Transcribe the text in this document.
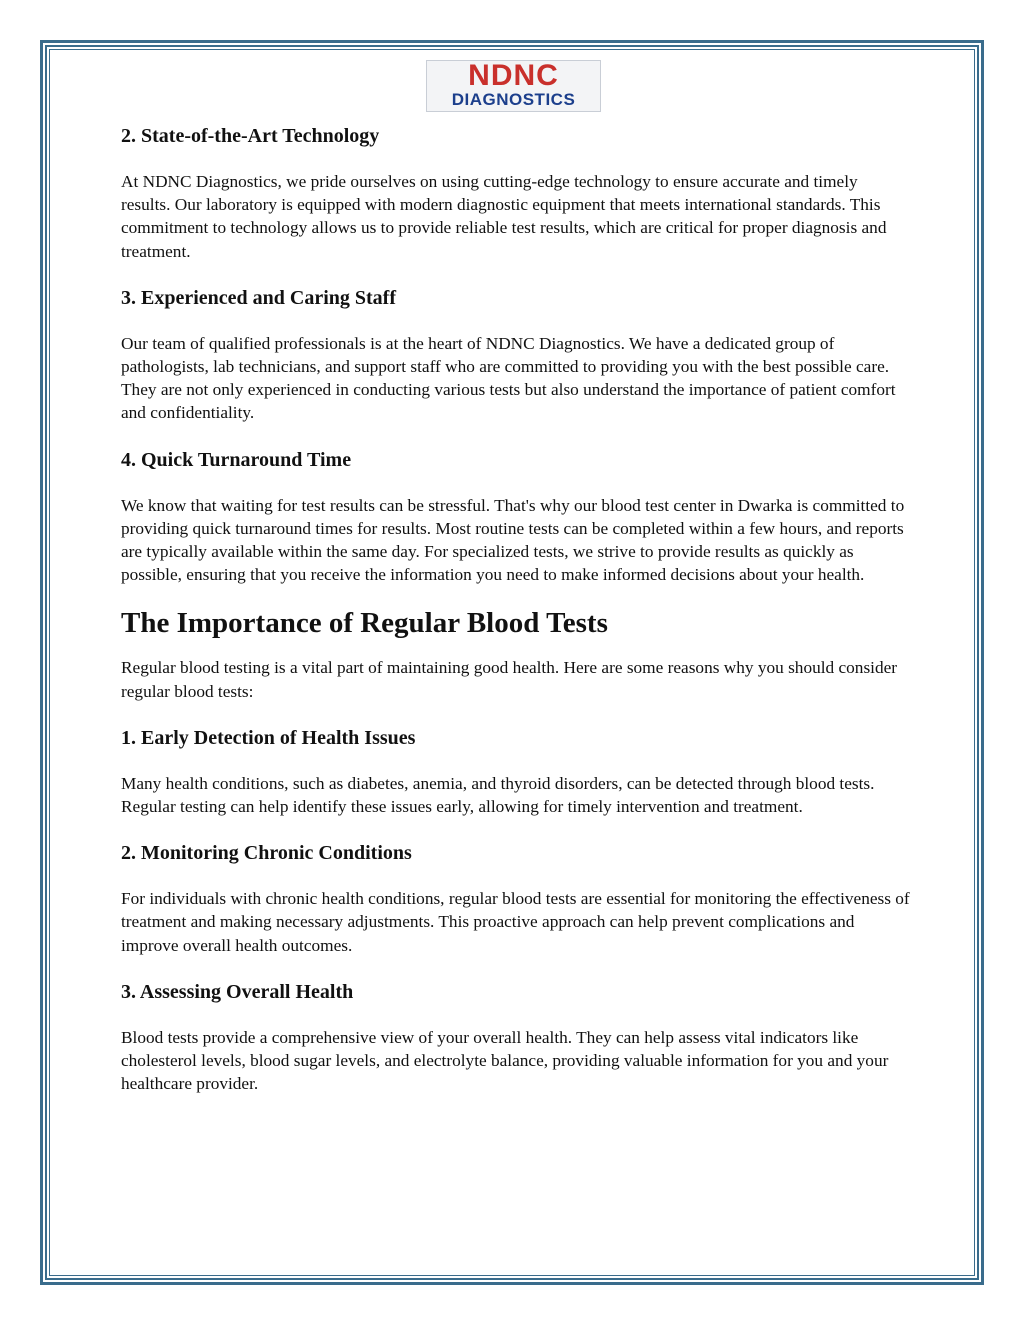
NDNC
DIAGNOSTICS
2. State-of-the-Art Technology

At NDNC Diagnostics, we pride ourselves on using cutting-edge technology to ensure accurate and timely results. Our laboratory is equipped with modern diagnostic equipment that meets international standards. This commitment to technology allows us to provide reliable test results, which are critical for proper diagnosis and treatment.

3. Experienced and Caring Staff

Our team of qualified professionals is at the heart of NDNC Diagnostics. We have a dedicated group of pathologists, lab technicians, and support staff who are committed to providing you with the best possible care. They are not only experienced in conducting various tests but also understand the importance of patient comfort and confidentiality.

4. Quick Turnaround Time

We know that waiting for test results can be stressful. That's why our blood test center in Dwarka is committed to providing quick turnaround times for results. Most routine tests can be completed within a few hours, and reports are typically available within the same day. For specialized tests, we strive to provide results as quickly as possible, ensuring that you receive the information you need to make informed decisions about your health.

The Importance of Regular Blood Tests

Regular blood testing is a vital part of maintaining good health. Here are some reasons why you should consider regular blood tests:

1. Early Detection of Health Issues

Many health conditions, such as diabetes, anemia, and thyroid disorders, can be detected through blood tests. Regular testing can help identify these issues early, allowing for timely intervention and treatment.

2. Monitoring Chronic Conditions

For individuals with chronic health conditions, regular blood tests are essential for monitoring the effectiveness of treatment and making necessary adjustments. This proactive approach can help prevent complications and improve overall health outcomes.

3. Assessing Overall Health

Blood tests provide a comprehensive view of your overall health. They can help assess vital indicators like cholesterol levels, blood sugar levels, and electrolyte balance, providing valuable information for you and your healthcare provider.
